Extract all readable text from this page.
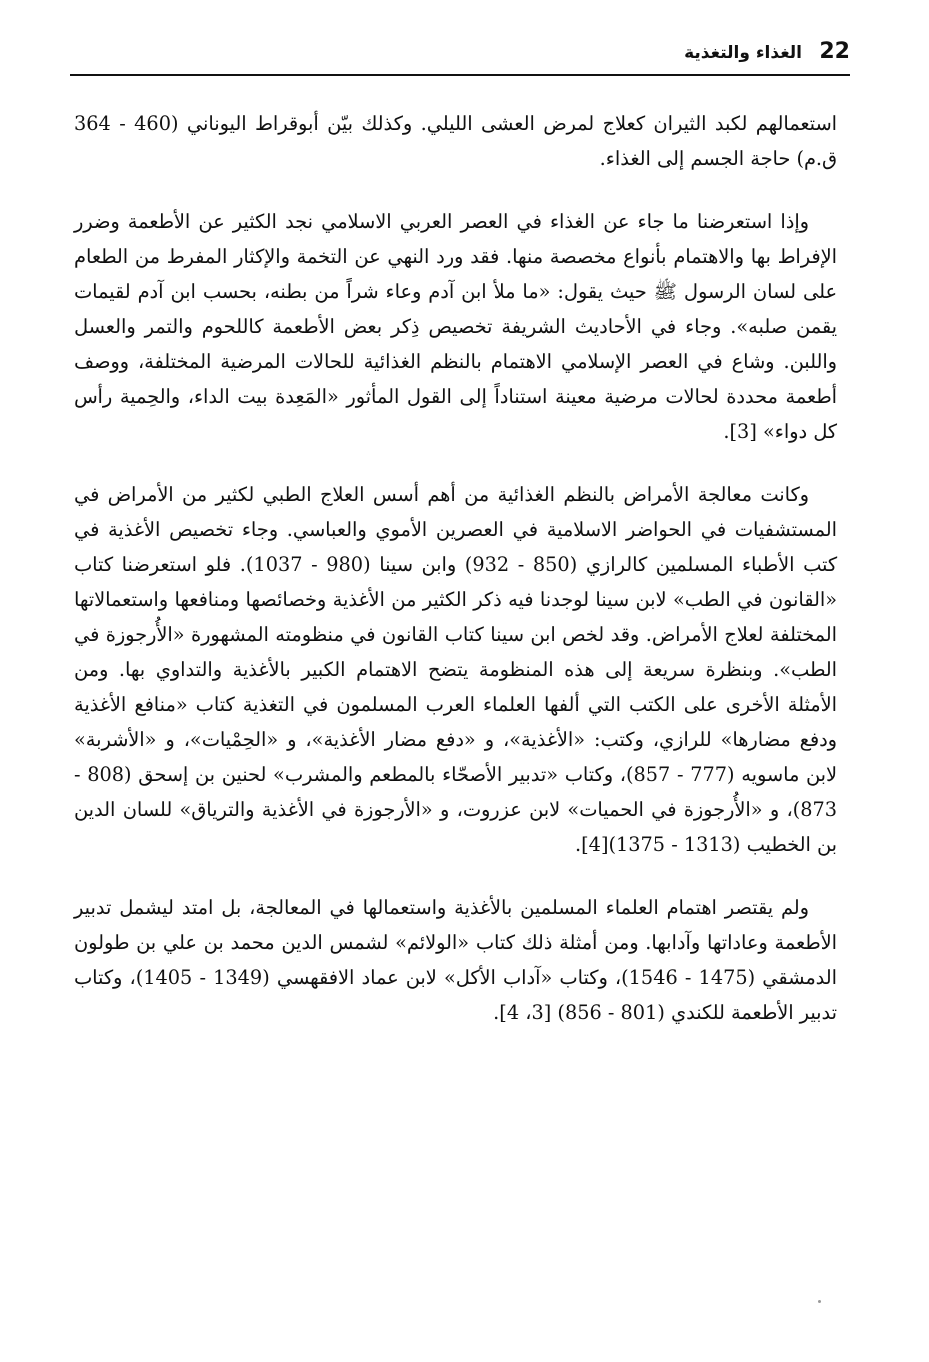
22
الغذاء والتغذية

استعمالهم لكبد الثيران كعلاج لمرض العشى الليلي. وكذلك بيّن أبوقراط اليوناني (460 - 364 ق.م) حاجة الجسم إلى الغذاء.

وإذا استعرضنا ما جاء عن الغذاء في العصر العربي الاسلامي نجد الكثير عن الأطعمة وضرر الإفراط بها والاهتمام بأنواع مخصصة منها. فقد ورد النهي عن التخمة والإكثار المفرط من الطعام على لسان الرسول ﷺ حيث يقول: «ما ملأ ابن آدم وعاء شراً من بطنه، بحسب ابن آدم لقيمات يقمن صلبه». وجاء في الأحاديث الشريفة تخصيص ذِكر بعض الأطعمة كاللحوم والتمر والعسل واللبن. وشاع في العصر الإسلامي الاهتمام بالنظم الغذائية للحالات المرضية المختلفة، ووصف أطعمة محددة لحالات مرضية معينة استناداً إلى القول المأثور «المَعِدة بيت الداء، والحِمية رأس كل دواء» [3].

وكانت معالجة الأمراض بالنظم الغذائية من أهم أسس العلاج الطبي لكثير من الأمراض في المستشفيات في الحواضر الاسلامية في العصرين الأموي والعباسي. وجاء تخصيص الأغذية في كتب الأطباء المسلمين كالرازي (850 - 932) وابن سينا (980 - 1037). فلو استعرضنا كتاب «القانون في الطب» لابن سينا لوجدنا فيه ذكر الكثير من الأغذية وخصائصها ومنافعها واستعمالاتها المختلفة لعلاج الأمراض. وقد لخص ابن سينا كتاب القانون في منظومته المشهورة «الأُرجوزة في الطب». وبنظرة سريعة إلى هذه المنظومة يتضح الاهتمام الكبير بالأغذية والتداوي بها. ومن الأمثلة الأخرى على الكتب التي ألفها العلماء العرب المسلمون في التغذية كتاب «منافع الأغذية ودفع مضارها» للرازي، وكتب: «الأغذية»، و «دفع مضار الأغذية»، و «الحِمْيات»، و «الأشربة» لابن ماسويه (777 - 857)، وكتاب «تدبير الأصحّاء بالمطعم والمشرب» لحنين بن إسحق (808 - 873)، و «الأُرجوزة في الحميات» لابن عزروت، و «الأرجوزة في الأغذية والترياق» للسان الدين بن الخطيب (1313 - 1375)[4].

ولم يقتصر اهتمام العلماء المسلمين بالأغذية واستعمالها في المعالجة، بل امتد ليشمل تدبير الأطعمة وعاداتها وآدابها. ومن أمثلة ذلك كتاب «الولائم» لشمس الدين محمد بن علي بن طولون الدمشقي (1475 - 1546)، وكتاب «آداب الأكل» لابن عماد الافقهسي (1349 - 1405)، وكتاب تدبير الأطعمة للكندي (801 - 856) [3، 4].
